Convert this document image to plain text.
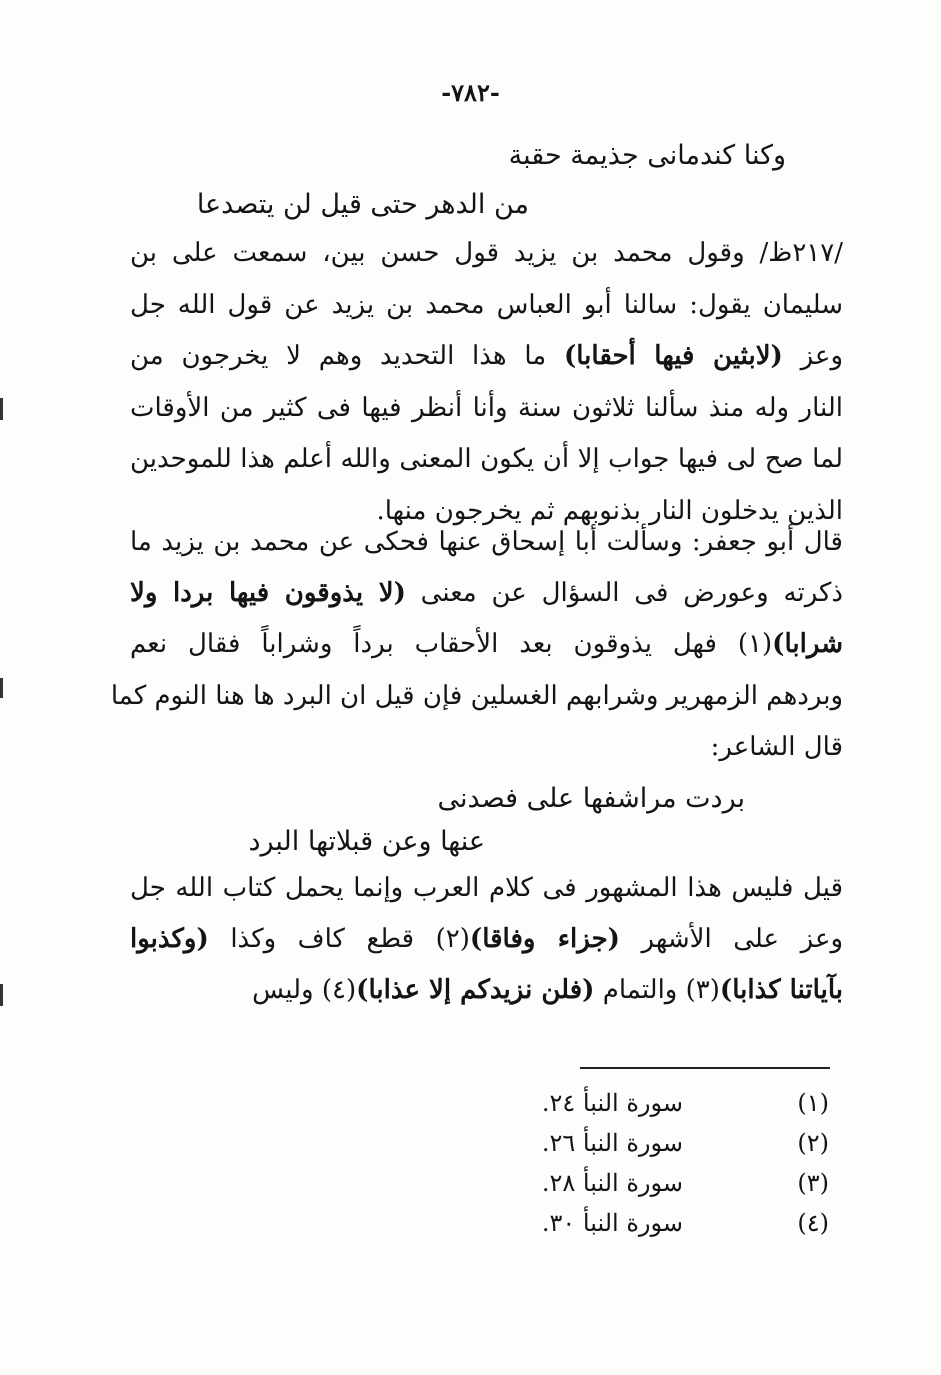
-٧٨٢-
وكنا كندمانى جذيمة حقبة
من الدهر حتى قيل لن يتصدعا
/٢١٧ظ/ وقول محمد بن يزيد قول حسن بين، سمعت على بن
سليمان يقول: سالنا أبو العباس محمد بن يزيد عن قول الله جل
وعز (لابثين فيها أحقابا) ما هذا التحديد وهم لا يخرجون من
النار وله منذ سألنا ثلاثون سنة وأنا أنظر فيها فى كثير من الأوقات
لما صح لى فيها جواب إلا أن يكون المعنى والله أعلم هذا للموحدين
الذين يدخلون النار بذنوبهم ثم يخرجون منها.
قال أبو جعفر: وسألت أبا إسحاق عنها فحكى عن محمد بن يزيد ما
ذكرته وعورض فى السؤال عن معنى (لا يذوقون فيها بردا ولا
شرابا)(١) فهل يذوقون بعد الأحقاب برداً وشراباً فقال نعم
وبردهم الزمهرير وشرابهم الغسلين فإن قيل ان البرد ها هنا النوم كما
قال الشاعر:
بردت مراشفها على فصدنى
عنها وعن قبلاتها البرد
قيل فليس هذا المشهور فى كلام العرب وإنما يحمل كتاب الله جل
وعز على الأشهر (جزاء وفاقا)(٢) قطع كاف وكذا (وكذبوا
بآياتنا كذابا)(٣) والتمام (فلن نزيدكم إلا عذابا)(٤) وليس
(١)
سورة النبأ ٢٤.
(٢)
سورة النبأ ٢٦.
(٣)
سورة النبأ ٢٨.
(٤)
سورة النبأ ٣٠.
